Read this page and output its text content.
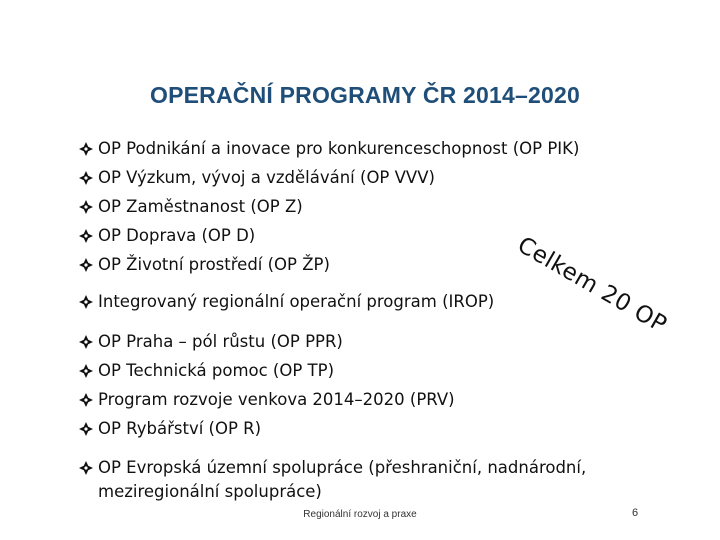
OPERAČNÍ PROGRAMY ČR 2014–2020
OP Podnikání a inovace pro konkurenceschopnost (OP PIK)
OP Výzkum, vývoj a vzdělávání (OP VVV)
OP Zaměstnanost (OP Z)
OP Doprava (OP D)
OP Životní prostředí (OP ŽP)
Integrovaný regionální operační program (IROP)
OP Praha – pól růstu (OP PPR)
OP Technická pomoc (OP TP)
Program rozvoje venkova 2014–2020 (PRV)
OP Rybářství (OP R)
OP Evropská územní spolupráce (přeshraniční, nadnárodní, meziregionální spolupráce)
Celkem 20 OP
Regionální rozvoj a praxe	6
